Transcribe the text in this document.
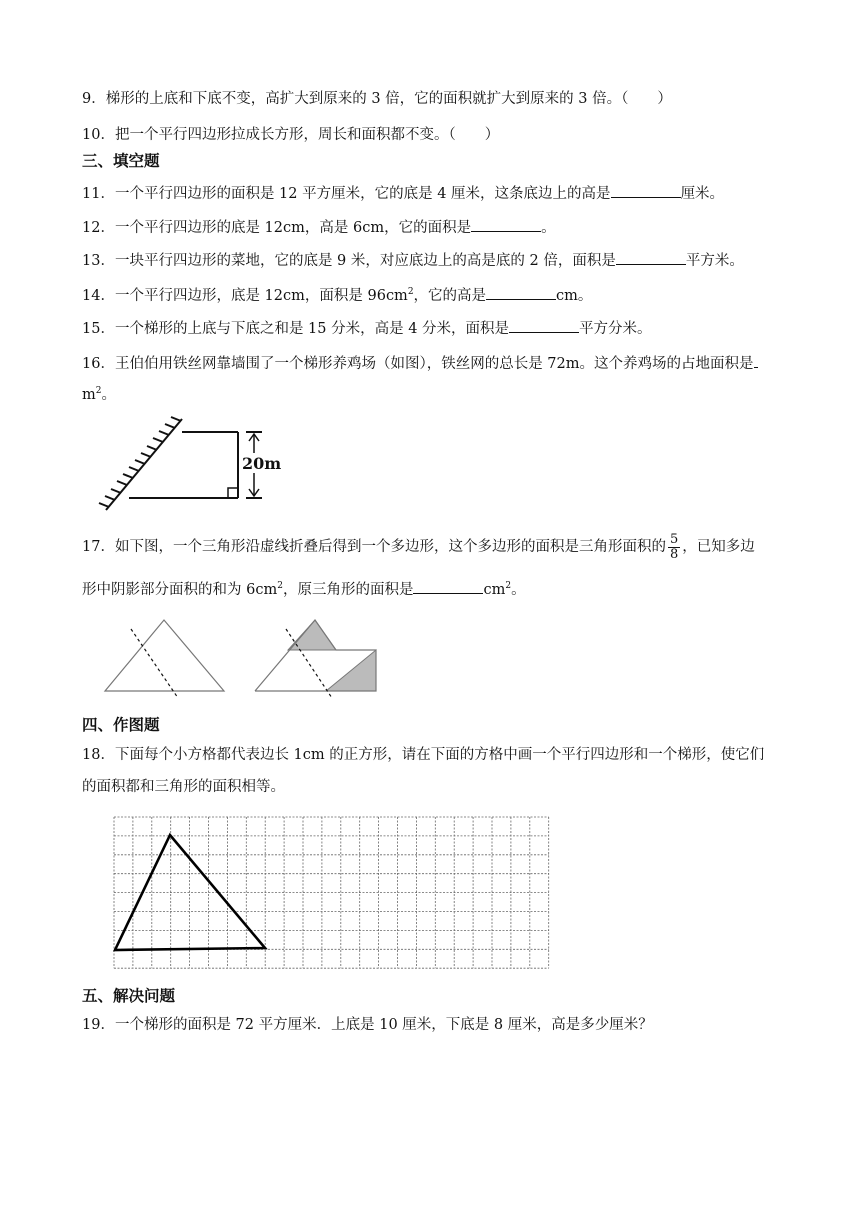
9．梯形的上底和下底不变，高扩大到原来的 3 倍，它的面积就扩大到原来的 3 倍。（　　）
10．把一个平行四边形拉成长方形，周长和面积都不变。（　　）
三、填空题
11．一个平行四边形的面积是 12 平方厘米，它的底是 4 厘米，这条底边上的高是	厘米。
12．一个平行四边形的底是 12cm，高是 6cm，它的面积是	。
13．一块平行四边形的菜地，它的底是 9 米，对应底边上的高是底的 2 倍，面积是	平方米。
14．一个平行四边形，底是 12cm，面积是 $96cm^2$，它的高是	cm。
15．一个梯形的上底与下底之和是 15 分米，高是 4 分米，面积是	平方分米。
16．王伯伯用铁丝网靠墙围了一个梯形养鸡场（如图），铁丝网的总长是 72m。这个养鸡场的占地面积是
$m^2$。
20m
17．如下图，一个三角形沿虚线折叠后得到一个多边形，这个多边形的面积是三角形面积的 $\frac{5}{8}$ ，已知多边
形中阴影部分面积的和为 $6cm^2$，原三角形的面积是	$cm^2$。
四、作图题
18．下面每个小方格都代表边长 1cm 的正方形，请在下面的方格中画一个平行四边形和一个梯形，使它们
的面积都和三角形的面积相等。
五、解决问题
19．一个梯形的面积是 72 平方厘米．上底是 10 厘米，下底是 8 厘米，高是多少厘米？
